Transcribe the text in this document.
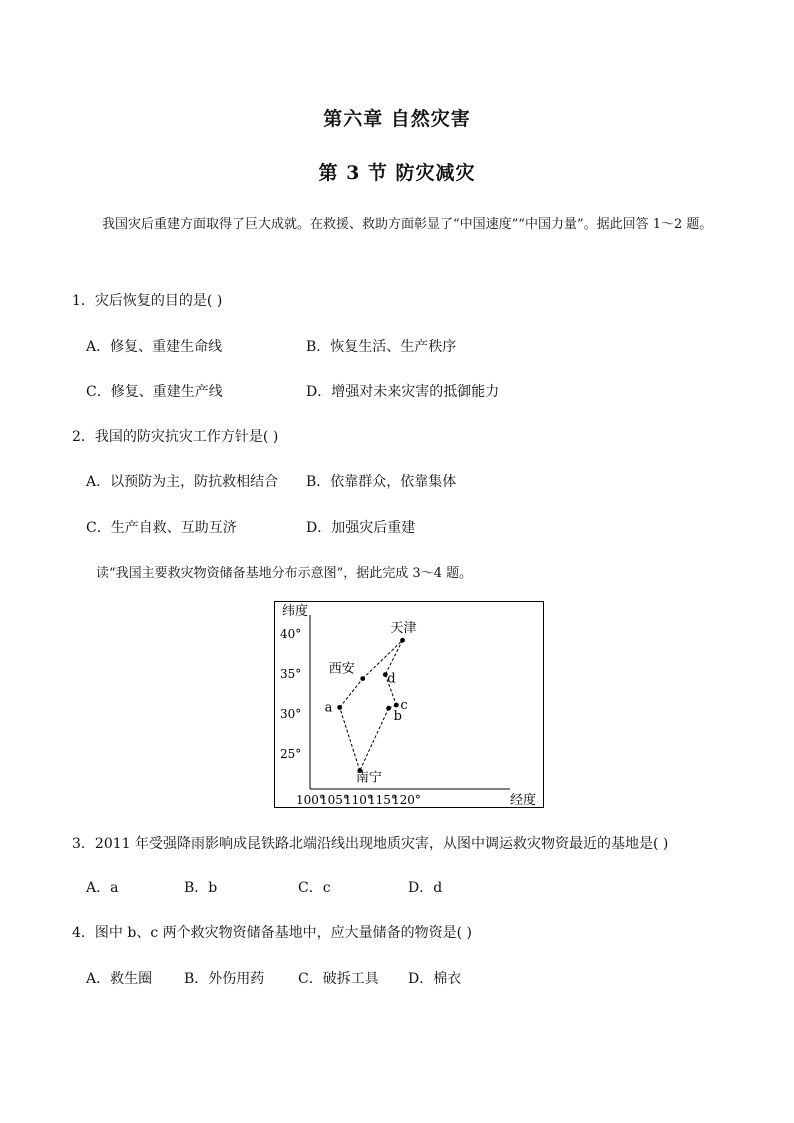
第六章 自然灾害
第 3 节 防灾减灾
我国灾后重建方面取得了巨大成就。在救援、救助方面彰显了“中国速度”“中国力量”。据此回答 1～2 题。
1．灾后恢复的目的是( )
A．修复、重建生命线	B．恢复生活、生产秩序
C．修复、重建生产线	D．增强对未来灾害的抵御能力
2．我国的防灾抗灾工作方针是( )
A．以预防为主，防抗救相结合 B．依靠群众，依靠集体
C．生产自救、互助互济	D．加强灾后重建
读“我国主要救灾物资储备基地分布示意图”，据此完成 3～4 题。
纬度
经度
40°
35°
30°
25°
100°
105°
110°
115°
120°
天津
西安
a
南宁
b
c
d
3．2011 年受强降雨影响成昆铁路北端沿线出现地质灾害，从图中调运救灾物资最近的基地是( )
A．a	B．b	C．c	D．d
4．图中 b、c 两个救灾物资储备基地中，应大量储备的物资是( )
A．救生圈 B．外伤用药 C．破拆工具 D．棉衣
